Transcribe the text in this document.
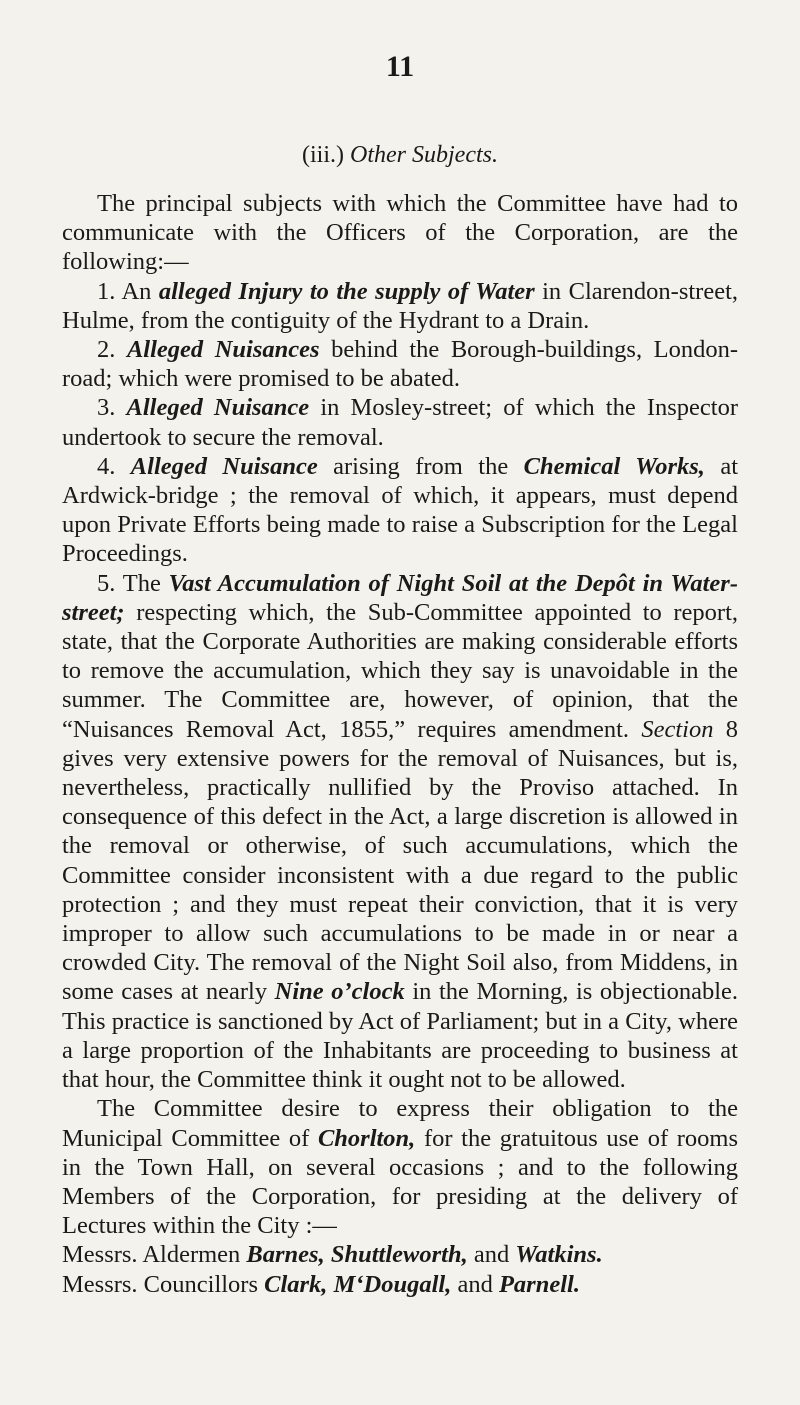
11
(iii.) Other Subjects.

The principal subjects with which the Committee have had to communicate with the Officers of the Corporation, are the following:—

1. An alleged Injury to the supply of Water in Clarendon-street, Hulme, from the contiguity of the Hydrant to a Drain.

2. Alleged Nuisances behind the Borough-buildings, London-road; which were promised to be abated.

3. Alleged Nuisance in Mosley-street; of which the Inspector undertook to secure the removal.

4. Alleged Nuisance arising from the Chemical Works, at Ardwick-bridge ; the removal of which, it appears, must depend upon Private Efforts being made to raise a Subscription for the Legal Proceedings.

5. The Vast Accumulation of Night Soil at the Depôt in Water-street; respecting which, the Sub-Committee appointed to report, state, that the Corporate Authorities are making considerable efforts to remove the accumulation, which they say is unavoidable in the summer. The Committee are, however, of opinion, that the “Nuisances Removal Act, 1855,” requires amendment. Section 8 gives very extensive powers for the removal of Nuisances, but is, nevertheless, practically nullified by the Proviso attached. In consequence of this defect in the Act, a large discretion is allowed in the removal or otherwise, of such accumulations, which the Committee consider inconsistent with a due regard to the public protection ; and they must repeat their conviction, that it is very improper to allow such accumulations to be made in or near a crowded City. The removal of the Night Soil also, from Middens, in some cases at nearly Nine o’clock in the Morning, is objectionable. This practice is sanctioned by Act of Parliament; but in a City, where a large proportion of the Inhabitants are proceeding to business at that hour, the Committee think it ought not to be allowed.

The Committee desire to express their obligation to the Municipal Committee of Chorlton, for the gratuitous use of rooms in the Town Hall, on several occasions ; and to the following Members of the Corporation, for presiding at the delivery of Lectures within the City :—

Messrs. Aldermen Barnes, Shuttleworth, and Watkins.

Messrs. Councillors Clark, M‘Dougall, and Parnell.
